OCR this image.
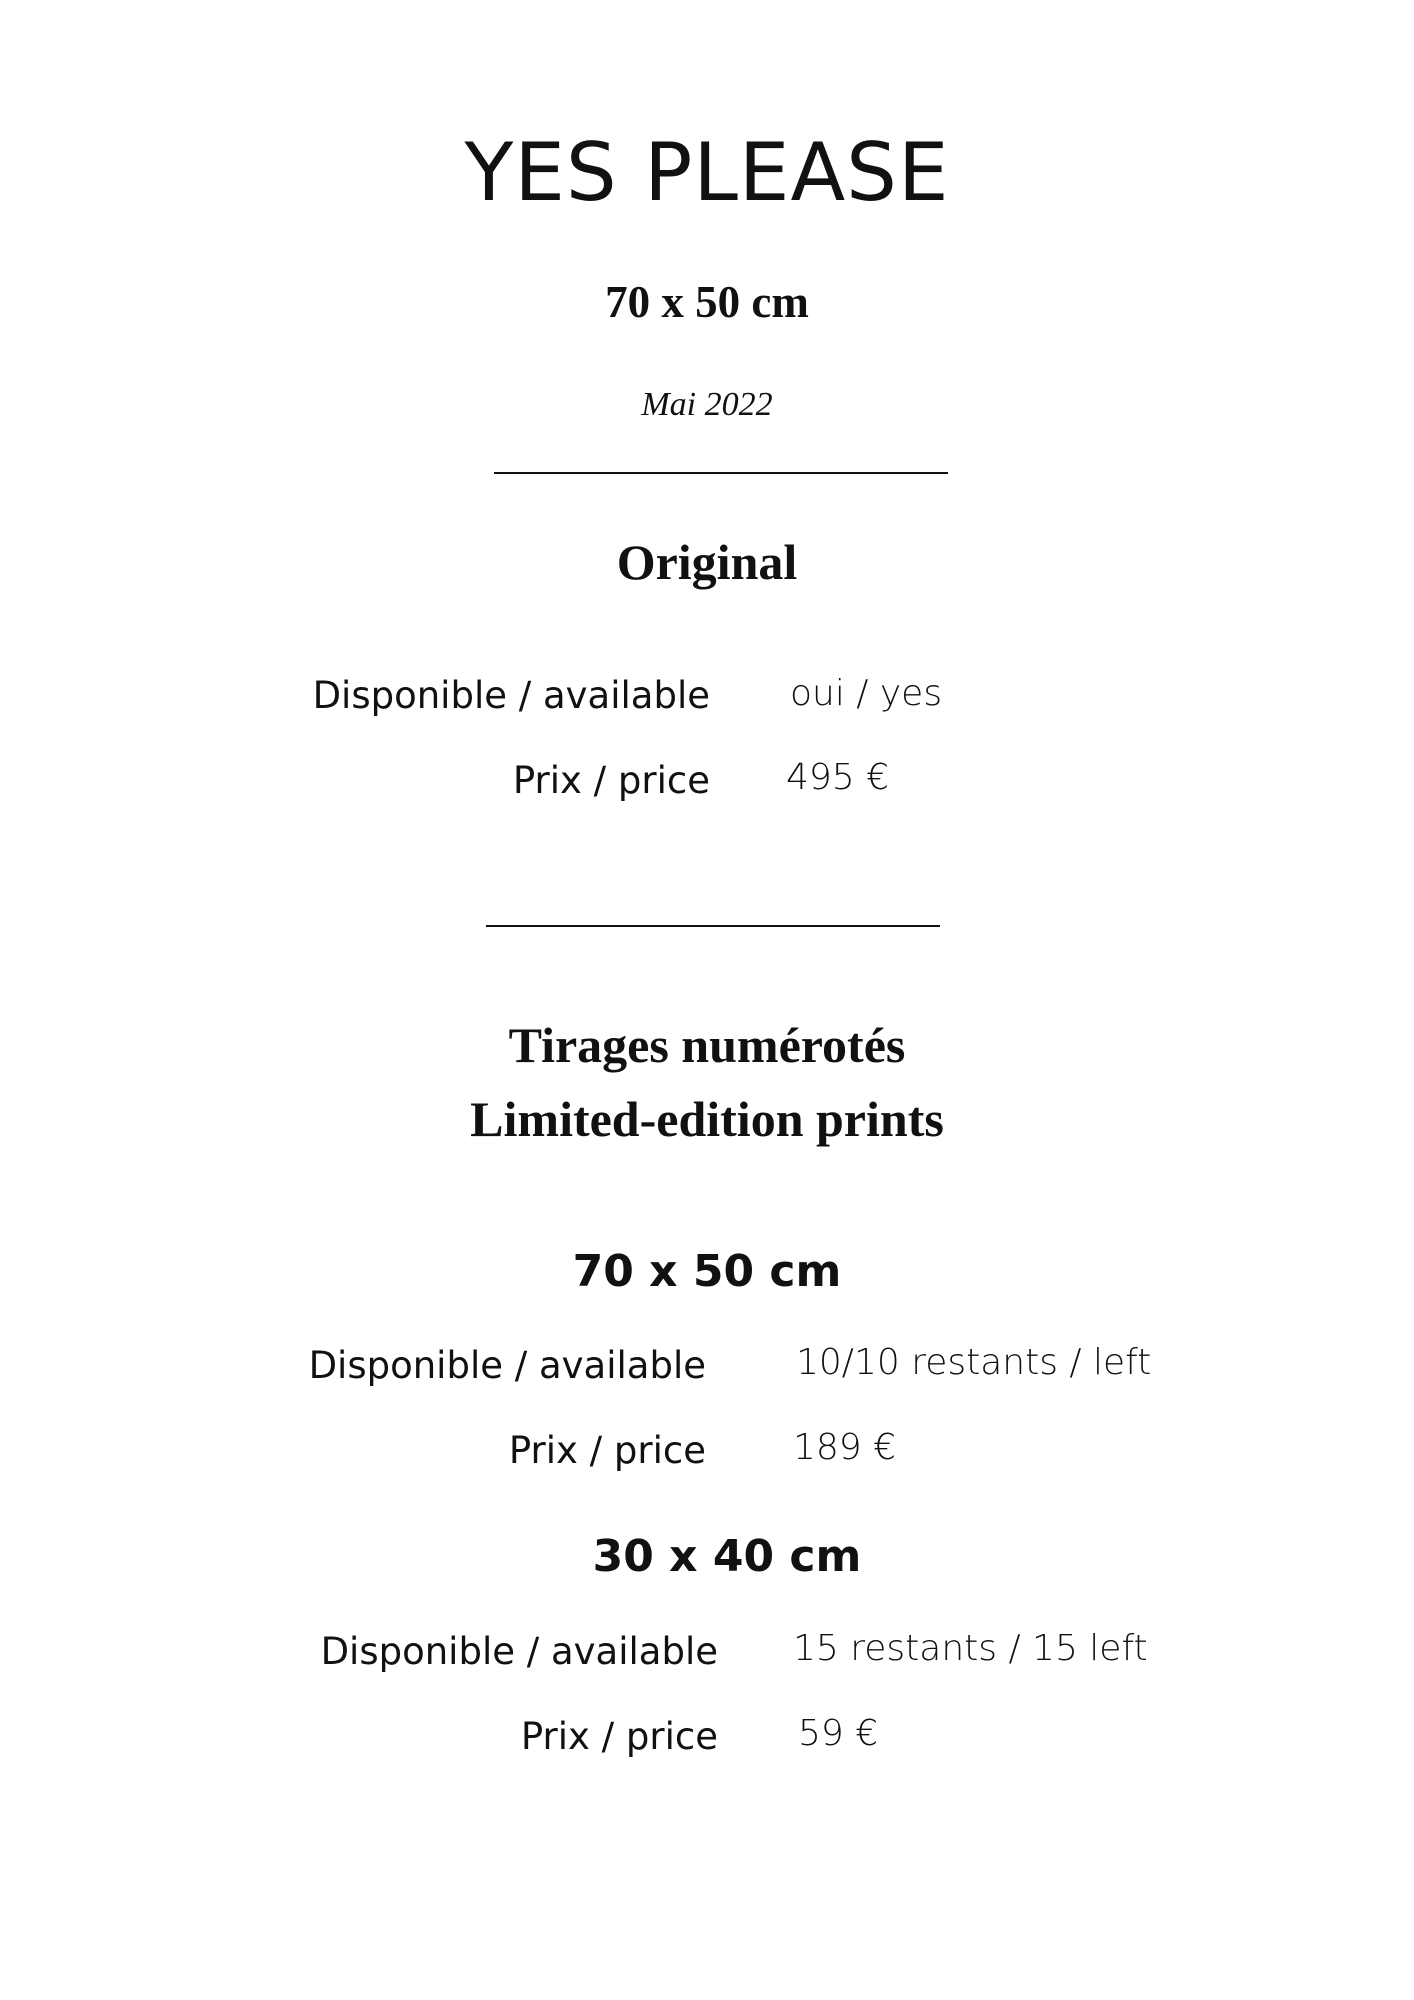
YES PLEASE
70 x 50 cm
Mai 2022
Original
Disponible / available oui / yes
Prix / price 495 €
Tirages numérotés
Limited-edition prints
70 x 50 cm
Disponible / available	10/10 restants / left
Prix / price 189 €
30 x 40 cm
Disponible / available 15 restants / 15 left
Prix / price 59 €
